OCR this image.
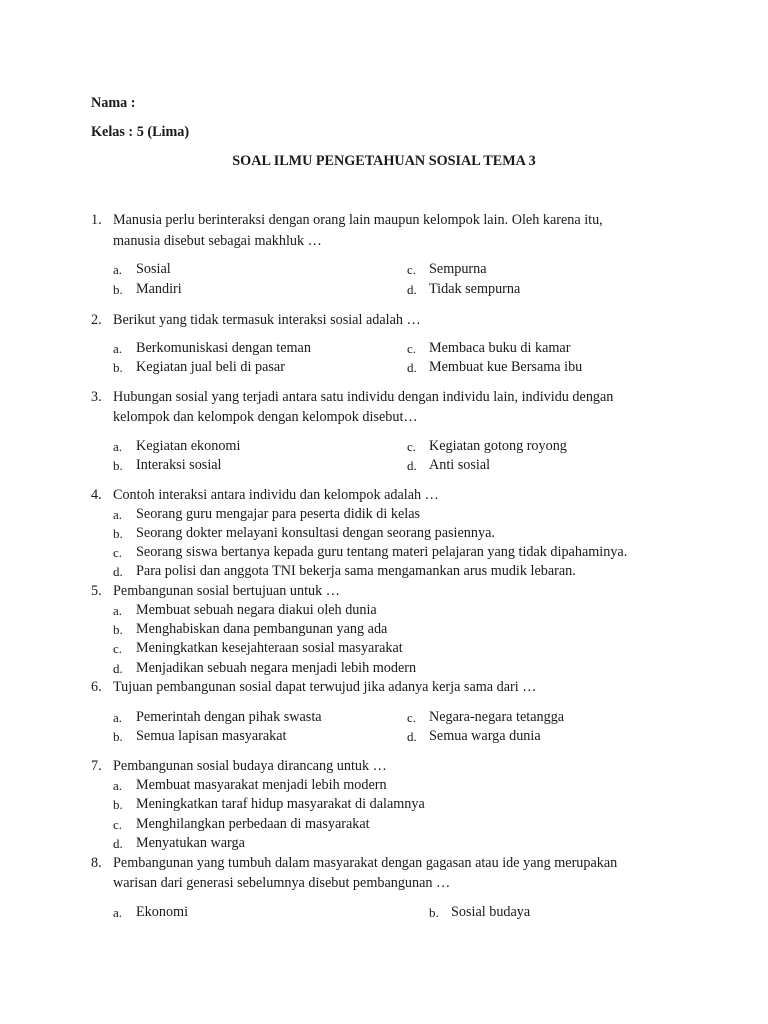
Nama :
Kelas : 5 (Lima)
SOAL ILMU PENGETAHUAN SOSIAL TEMA 3
1. Manusia perlu berinteraksi dengan orang lain maupun kelompok lain. Oleh karena itu,
manusia disebut sebagai makhluk …
a. Sosial
b. Mandiri
c. Sempurna
d. Tidak sempurna
2. Berikut yang tidak termasuk interaksi sosial adalah …
a. Berkomuniskasi dengan teman
b. Kegiatan jual beli di pasar
c. Membaca buku di kamar
d. Membuat kue Bersama ibu
3. Hubungan sosial yang terjadi antara satu individu dengan individu lain, individu dengan
kelompok dan kelompok dengan kelompok disebut…
a. Kegiatan ekonomi
b. Interaksi sosial
c. Kegiatan gotong royong
d. Anti sosial
4. Contoh interaksi antara individu dan kelompok adalah …
a. Seorang guru mengajar para peserta didik di kelas
b. Seorang dokter melayani konsultasi dengan seorang pasiennya.
c. Seorang siswa bertanya kepada guru tentang materi pelajaran yang tidak dipahaminya.
d. Para polisi dan anggota TNI bekerja sama mengamankan arus mudik lebaran.
5. Pembangunan sosial bertujuan untuk …
a. Membuat sebuah negara diakui oleh dunia
b. Menghabiskan dana pembangunan yang ada
c. Meningkatkan kesejahteraan sosial masyarakat
d. Menjadikan sebuah negara menjadi lebih modern
6. Tujuan pembangunan sosial dapat terwujud jika adanya kerja sama dari …
a. Pemerintah dengan pihak swasta
b. Semua lapisan masyarakat
c. Negara-negara tetangga
d. Semua warga dunia
7. Pembangunan sosial budaya dirancang untuk …
a. Membuat masyarakat menjadi lebih modern
b. Meningkatkan taraf hidup masyarakat di dalamnya
c. Menghilangkan perbedaan di masyarakat
d. Menyatukan warga
8. Pembangunan yang tumbuh dalam masyarakat dengan gagasan atau ide yang merupakan
warisan dari generasi sebelumnya disebut pembangunan …
a. Ekonomi	b. Sosial budaya
